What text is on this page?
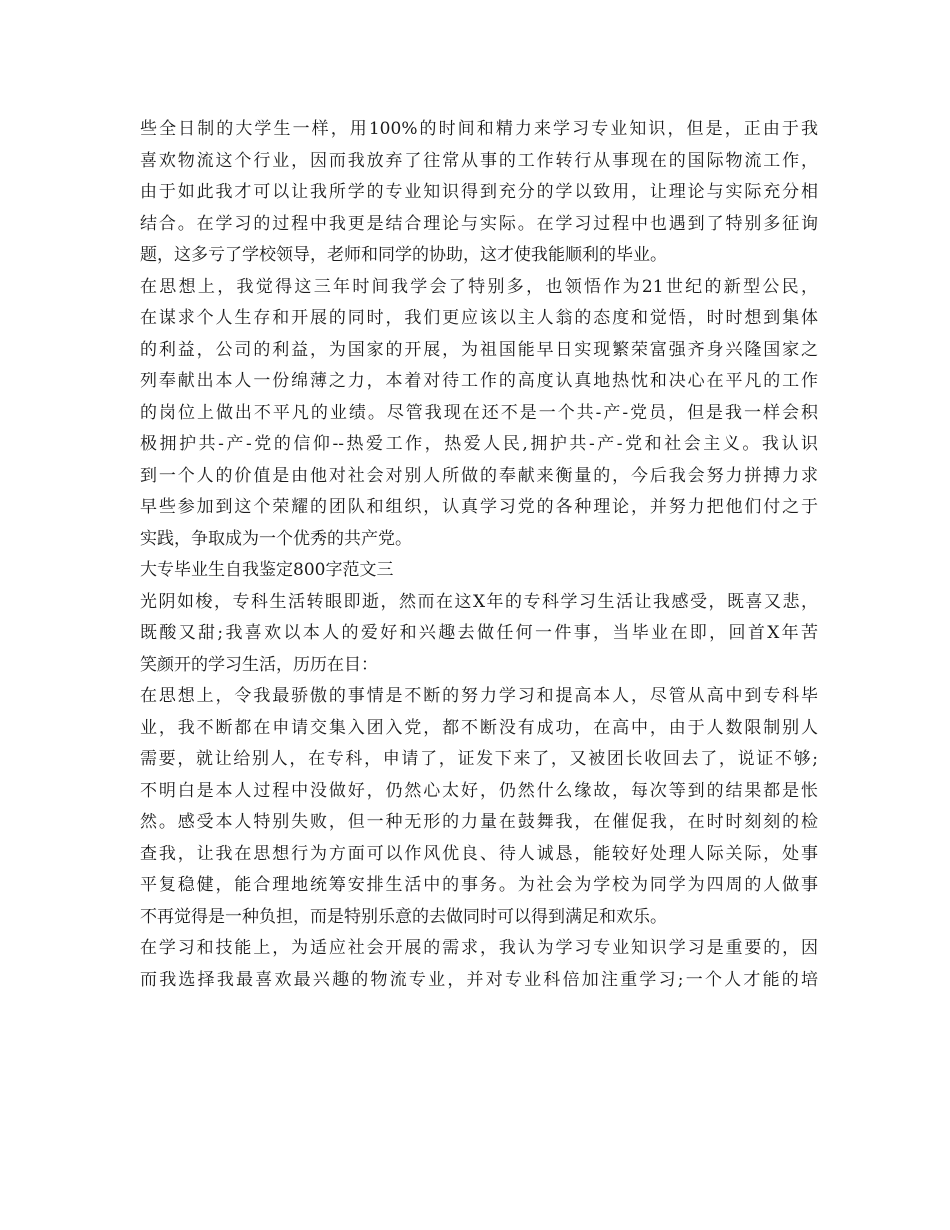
些全日制的大学生一样，用100%的时间和精力来学习专业知识，但是，正由于我
喜欢物流这个行业，因而我放弃了往常从事的工作转行从事现在的国际物流工作，
由于如此我才可以让我所学的专业知识得到充分的学以致用，让理论与实际充分相
结合。在学习的过程中我更是结合理论与实际。在学习过程中也遇到了特别多征询
题，这多亏了学校领导，老师和同学的协助，这才使我能顺利的毕业。
在思想上，我觉得这三年时间我学会了特别多，也领悟作为21世纪的新型公民，
在谋求个人生存和开展的同时，我们更应该以主人翁的态度和觉悟，时时想到集体
的利益，公司的利益，为国家的开展，为祖国能早日实现繁荣富强齐身兴隆国家之
列奉献出本人一份绵薄之力，本着对待工作的高度认真地热忱和决心在平凡的工作
的岗位上做出不平凡的业绩。尽管我现在还不是一个共-产-党员，但是我一样会积
极拥护共-产-党的信仰--热爱工作，热爱人民,拥护共-产-党和社会主义。我认识
到一个人的价值是由他对社会对别人所做的奉献来衡量的，今后我会努力拼搏力求
早些参加到这个荣耀的团队和组织，认真学习党的各种理论，并努力把他们付之于
实践，争取成为一个优秀的共产党。
大专毕业生自我鉴定800字范文三
光阴如梭，专科生活转眼即逝，然而在这X年的专科学习生活让我感受，既喜又悲，
既酸又甜;我喜欢以本人的爱好和兴趣去做任何一件事，当毕业在即，回首X年苦
笑颜开的学习生活，历历在目：
在思想上，令我最骄傲的事情是不断的努力学习和提高本人，尽管从高中到专科毕
业，我不断都在申请交集入团入党，都不断没有成功，在高中，由于人数限制别人
需要，就让给别人，在专科，申请了，证发下来了，又被团长收回去了，说证不够;
不明白是本人过程中没做好，仍然心太好，仍然什么缘故，每次等到的结果都是怅
然。感受本人特别失败，但一种无形的力量在鼓舞我，在催促我，在时时刻刻的检
查我，让我在思想行为方面可以作风优良、待人诚恳，能较好处理人际关际，处事
平复稳健，能合理地统筹安排生活中的事务。为社会为学校为同学为四周的人做事
不再觉得是一种负担，而是特别乐意的去做同时可以得到满足和欢乐。
在学习和技能上，为适应社会开展的需求，我认为学习专业知识学习是重要的，因
而我选择我最喜欢最兴趣的物流专业，并对专业科倍加注重学习;一个人才能的培
